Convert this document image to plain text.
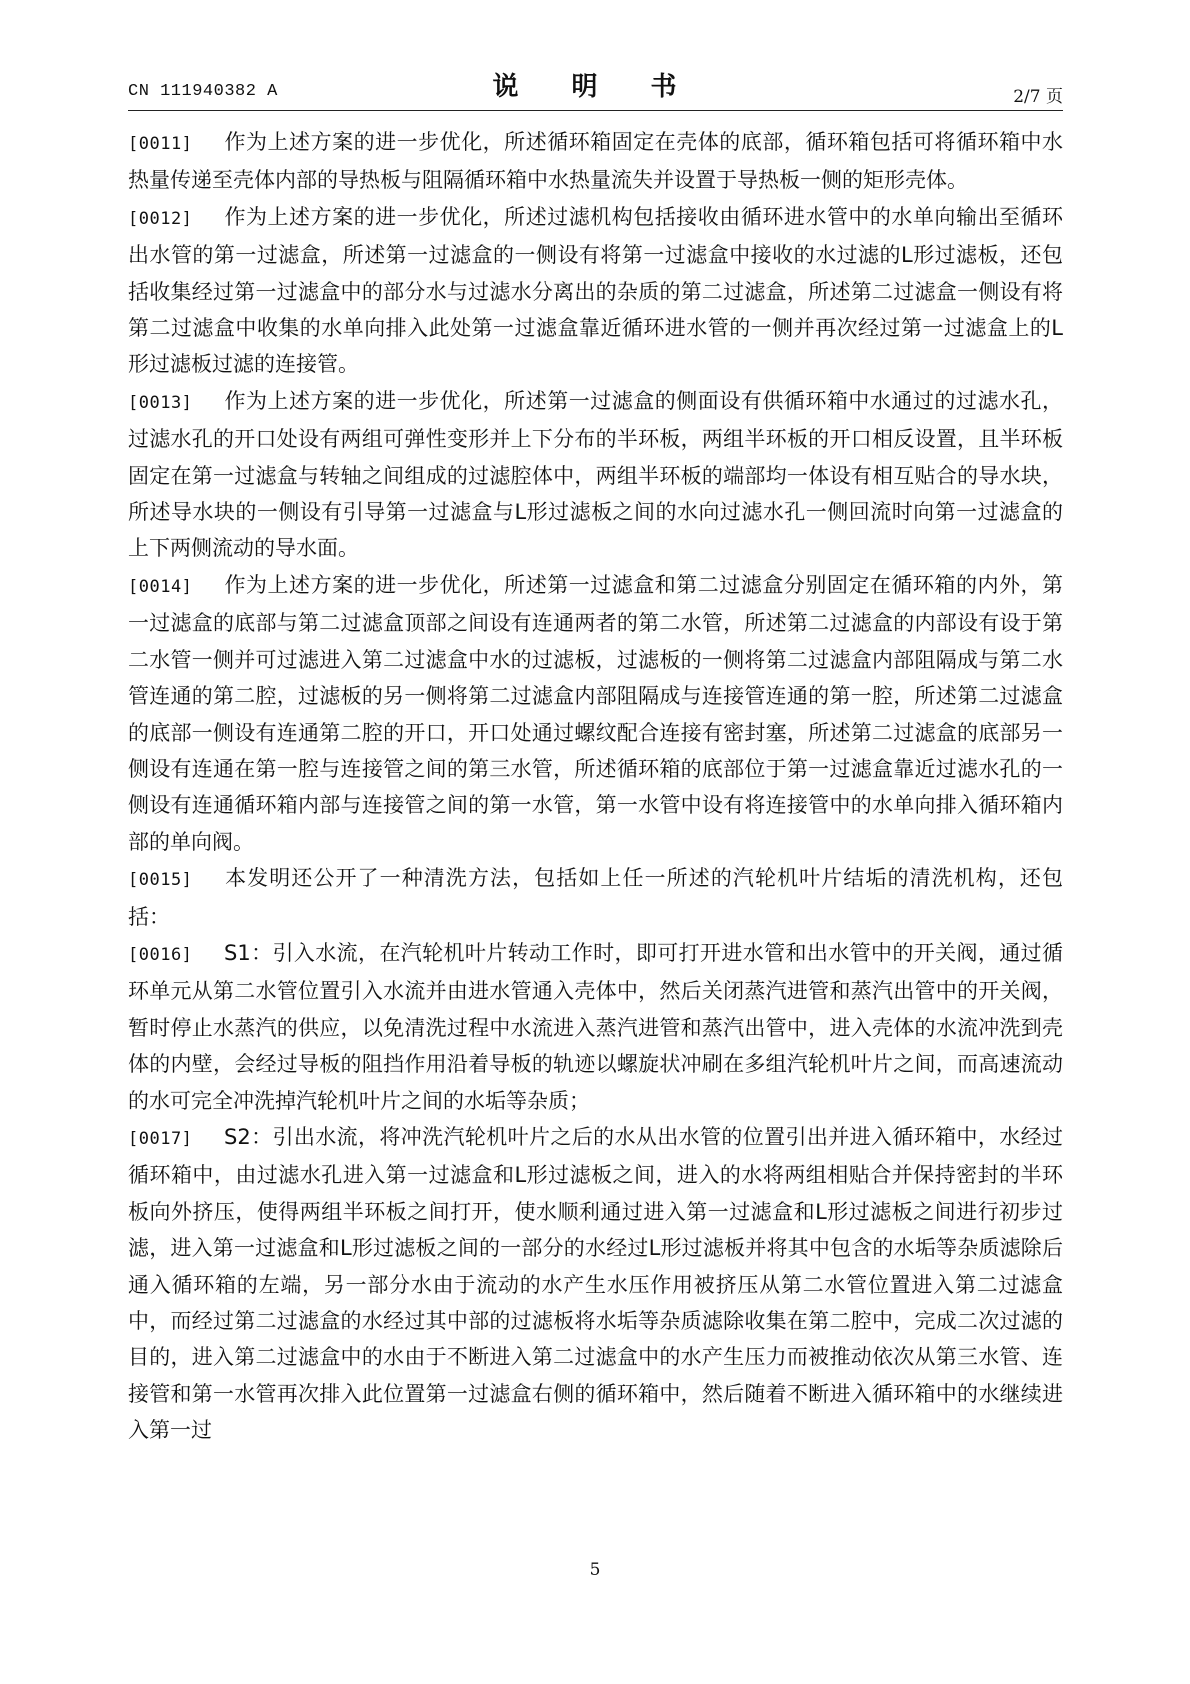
CN 111940382 A	说 明 书	2/7 页
[0011] 作为上述方案的进一步优化，所述循环箱固定在壳体的底部，循环箱包括可将循环箱中水热量传递至壳体内部的导热板与阻隔循环箱中水热量流失并设置于导热板一侧的矩形壳体。
[0012] 作为上述方案的进一步优化，所述过滤机构包括接收由循环进水管中的水单向输出至循环出水管的第一过滤盒，所述第一过滤盒的一侧设有将第一过滤盒中接收的水过滤的L形过滤板，还包括收集经过第一过滤盒中的部分水与过滤水分离出的杂质的第二过滤盒，所述第二过滤盒一侧设有将第二过滤盒中收集的水单向排入此处第一过滤盒靠近循环进水管的一侧并再次经过第一过滤盒上的L形过滤板过滤的连接管。
[0013] 作为上述方案的进一步优化，所述第一过滤盒的侧面设有供循环箱中水通过的过滤水孔，过滤水孔的开口处设有两组可弹性变形并上下分布的半环板，两组半环板的开口相反设置，且半环板固定在第一过滤盒与转轴之间组成的过滤腔体中，两组半环板的端部均一体设有相互贴合的导水块，所述导水块的一侧设有引导第一过滤盒与L形过滤板之间的水向过滤水孔一侧回流时向第一过滤盒的上下两侧流动的导水面。
[0014] 作为上述方案的进一步优化，所述第一过滤盒和第二过滤盒分别固定在循环箱的内外，第一过滤盒的底部与第二过滤盒顶部之间设有连通两者的第二水管，所述第二过滤盒的内部设有设于第二水管一侧并可过滤进入第二过滤盒中水的过滤板，过滤板的一侧将第二过滤盒内部阻隔成与第二水管连通的第二腔，过滤板的另一侧将第二过滤盒内部阻隔成与连接管连通的第一腔，所述第二过滤盒的底部一侧设有连通第二腔的开口，开口处通过螺纹配合连接有密封塞，所述第二过滤盒的底部另一侧设有连通在第一腔与连接管之间的第三水管，所述循环箱的底部位于第一过滤盒靠近过滤水孔的一侧设有连通循环箱内部与连接管之间的第一水管，第一水管中设有将连接管中的水单向排入循环箱内部的单向阀。
[0015] 本发明还公开了一种清洗方法，包括如上任一所述的汽轮机叶片结垢的清洗机构，还包括：
[0016] S1：引入水流，在汽轮机叶片转动工作时，即可打开进水管和出水管中的开关阀，通过循环单元从第二水管位置引入水流并由进水管通入壳体中，然后关闭蒸汽进管和蒸汽出管中的开关阀，暂时停止水蒸汽的供应，以免清洗过程中水流进入蒸汽进管和蒸汽出管中，进入壳体的水流冲洗到壳体的内壁，会经过导板的阻挡作用沿着导板的轨迹以螺旋状冲刷在多组汽轮机叶片之间，而高速流动的水可完全冲洗掉汽轮机叶片之间的水垢等杂质；
[0017] S2：引出水流，将冲洗汽轮机叶片之后的水从出水管的位置引出并进入循环箱中，水经过循环箱中，由过滤水孔进入第一过滤盒和L形过滤板之间，进入的水将两组相贴合并保持密封的半环板向外挤压，使得两组半环板之间打开，使水顺利通过进入第一过滤盒和L形过滤板之间进行初步过滤，进入第一过滤盒和L形过滤板之间的一部分的水经过L形过滤板并将其中包含的水垢等杂质滤除后通入循环箱的左端，另一部分水由于流动的水产生水压作用被挤压从第二水管位置进入第二过滤盒中，而经过第二过滤盒的水经过其中部的过滤板将水垢等杂质滤除收集在第二腔中，完成二次过滤的目的，进入第二过滤盒中的水由于不断进入第二过滤盒中的水产生压力而被推动依次从第三水管、连接管和第一水管再次排入此位置第一过滤盒右侧的循环箱中，然后随着不断进入循环箱中的水继续进入第一过
5
